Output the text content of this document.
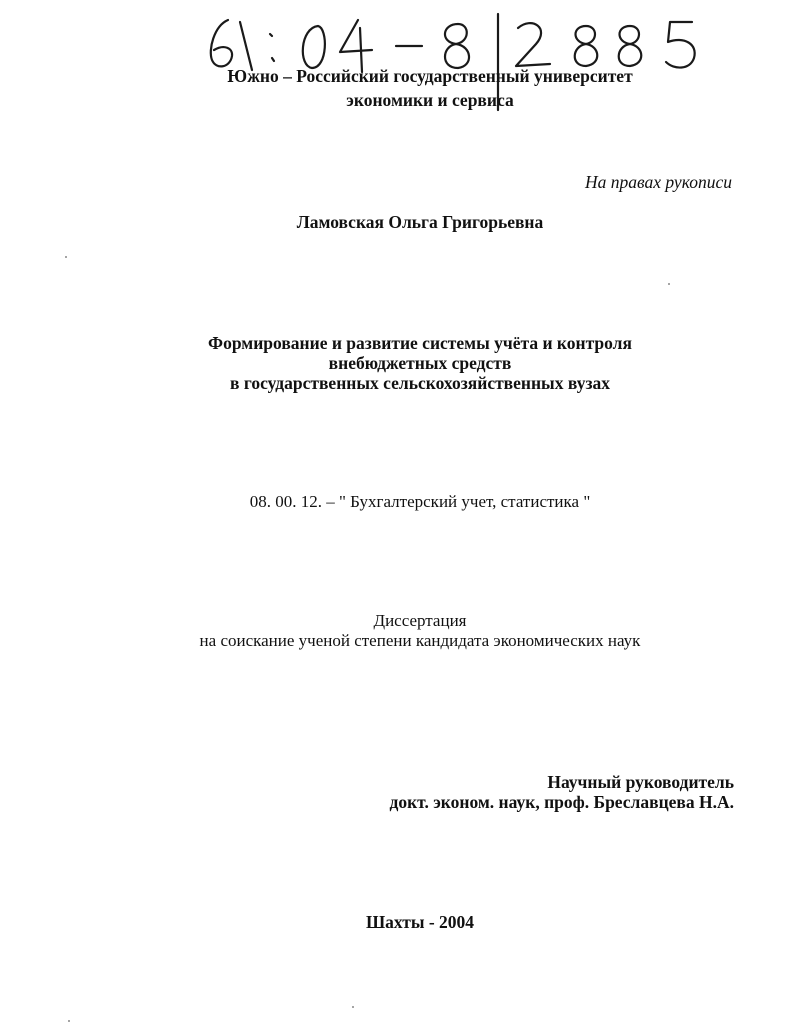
Южно – Российский государственный университет
экономики и сервиса
На правах рукописи
Ламовская Ольга Григорьевна
Формирование и развитие системы учёта и контроля
внебюджетных средств
в государственных сельскохозяйственных вузах
08. 00. 12. – " Бухгалтерский учет, статистика "
Диссертация
на соискание ученой степени кандидата экономических наук
Научный руководитель
докт. эконом. наук, проф. Бреславцева Н.А.
Шахты - 2004
